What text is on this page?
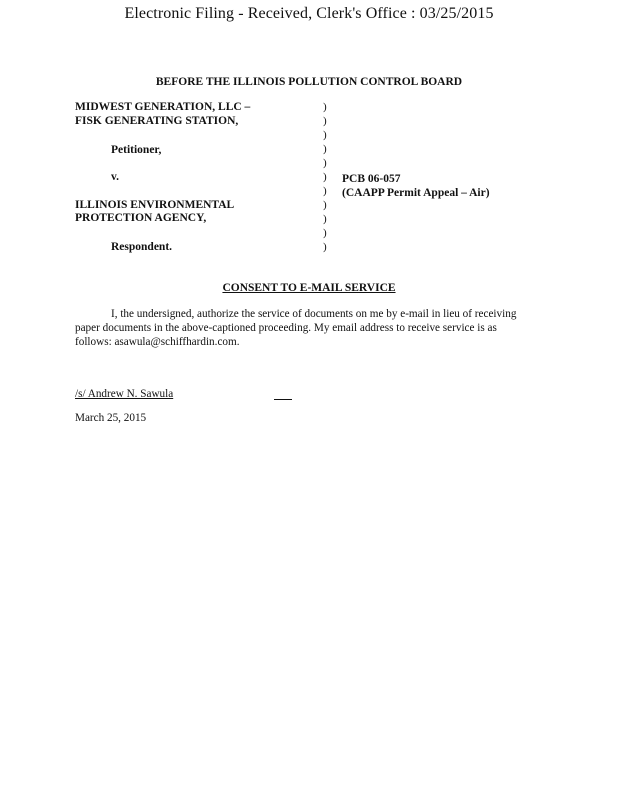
Electronic Filing - Received, Clerk's Office : 03/25/2015
BEFORE THE ILLINOIS POLLUTION CONTROL BOARD
MIDWEST GENERATION, LLC –
FISK GENERATING STATION,
Petitioner,
v.
ILLINOIS ENVIRONMENTAL
PROTECTION AGENCY,
Respondent.
)
)
)
)
)
)
)
)
)
)
)
PCB 06-057
(CAAPP Permit Appeal – Air)
CONSENT TO E-MAIL SERVICE
I, the undersigned, authorize the service of documents on me by e-mail in lieu of receiving paper documents in the above-captioned proceeding. My email address to receive service is as follows: asawula@schiffhardin.com.
/s/ Andrew N. Sawula
March 25, 2015
